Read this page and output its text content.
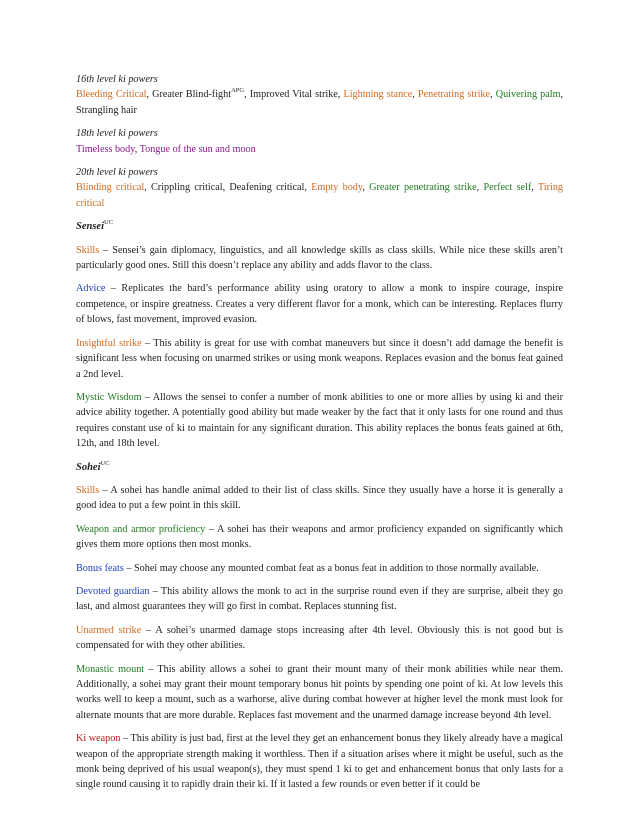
16th level ki powers
Bleeding Critical, Greater Blind-fight$^{APG}$, Improved Vital strike, Lightning stance, Penetrating strike, Quivering palm, Strangling hair
18th level ki powers
Timeless body, Tongue of the sun and moon
20th level ki powers
Blinding critical, Crippling critical, Deafening critical, Empty body, Greater penetrating strike, Perfect self, Tiring critical
Sensei$^{UC}$
Skills – Sensei’s gain diplomacy, linguistics, and all knowledge skills as class skills. While nice these skills aren’t particularly good ones. Still this doesn’t replace any ability and adds flavor to the class.
Advice – Replicates the bard’s performance ability using oratory to allow a monk to inspire courage, inspire competence, or inspire greatness. Creates a very different flavor for a monk, which can be interesting. Replaces flurry of blows, fast movement, improved evasion.
Insightful strike – This ability is great for use with combat maneuvers but since it doesn’t add damage the benefit is significant less when focusing on unarmed strikes or using monk weapons. Replaces evasion and the bonus feat gained a 2nd level.
Mystic Wisdom – Allows the sensei to confer a number of monk abilities to one or more allies by using ki and their advice ability together. A potentially good ability but made weaker by the fact that it only lasts for one round and thus requires constant use of ki to maintain for any significant duration. This ability replaces the bonus feats gained at 6th, 12th, and 18th level.
Sohei$^{UC}$
Skills – A sohei has handle animal added to their list of class skills. Since they usually have a horse it is generally a good idea to put a few point in this skill.
Weapon and armor proficiency – A sohei has their weapons and armor proficiency expanded on significantly which gives them more options then most monks.
Bonus feats – Sohei may choose any mounted combat feat as a bonus feat in addition to those normally available.
Devoted guardian – This ability allows the monk to act in the surprise round even if they are surprise, albeit they go last, and almost guarantees they will go first in combat. Replaces stunning fist.
Unarmed strike – A sohei’s unarmed damage stops increasing after 4th level. Obviously this is not good but is compensated for with they other abilities.
Monastic mount – This ability allows a sohei to grant their mount many of their monk abilities while near them. Additionally, a sohei may grant their mount temporary bonus hit points by spending one point of ki. At low levels this works well to keep a mount, such as a warhorse, alive during combat however at higher level the monk must look for alternate mounts that are more durable. Replaces fast movement and the unarmed damage increase beyond 4th level.
Ki weapon – This ability is just bad, first at the level they get an enhancement bonus they likely already have a magical weapon of the appropriate strength making it worthless. Then if a situation arises where it might be useful, such as the monk being deprived of his usual weapon(s), they must spend 1 ki to get and enhancement bonus that only lasts for a single round causing it to rapidly drain their ki. If it lasted a few rounds or even better if it could be
